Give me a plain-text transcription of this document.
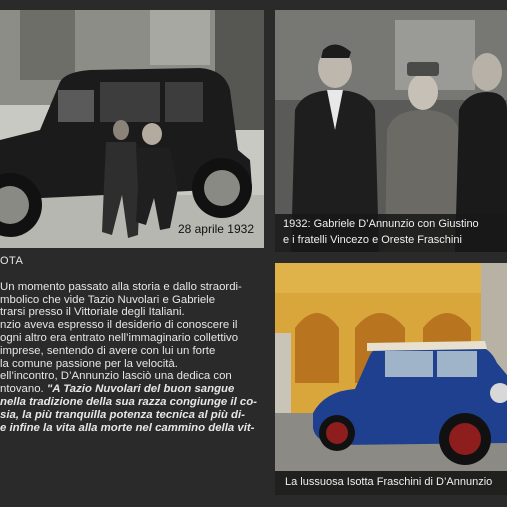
28 aprile 1932	1932: Gabriele D’Annunzio con Giustino
e i fratelli Vincezo e Oreste Fraschini
OTA

Un momento passato alla storia e dallo straordi-

mbolico che vide Tazio Nuvolari e Gabriele

trarsi presso il Vittoriale degli Italiani.

nzio aveva espresso il desiderio di conoscere il

ogni altro era entrato nell’immaginario collettivo

imprese, sentendo di avere con lui un forte

la comune passione per la velocità.

ell’incontro, D’Annunzio lasciò una dedica con

ntovano. "A Tazio Nuvolari del buon sangue

nella tradizione della sua razza congiunge il co-

sia, la più tranquilla potenza tecnica al più di-

e infine la vita alla morte nel cammino della vit-

La lussuosa Isotta Fraschini di D’Annunzio
